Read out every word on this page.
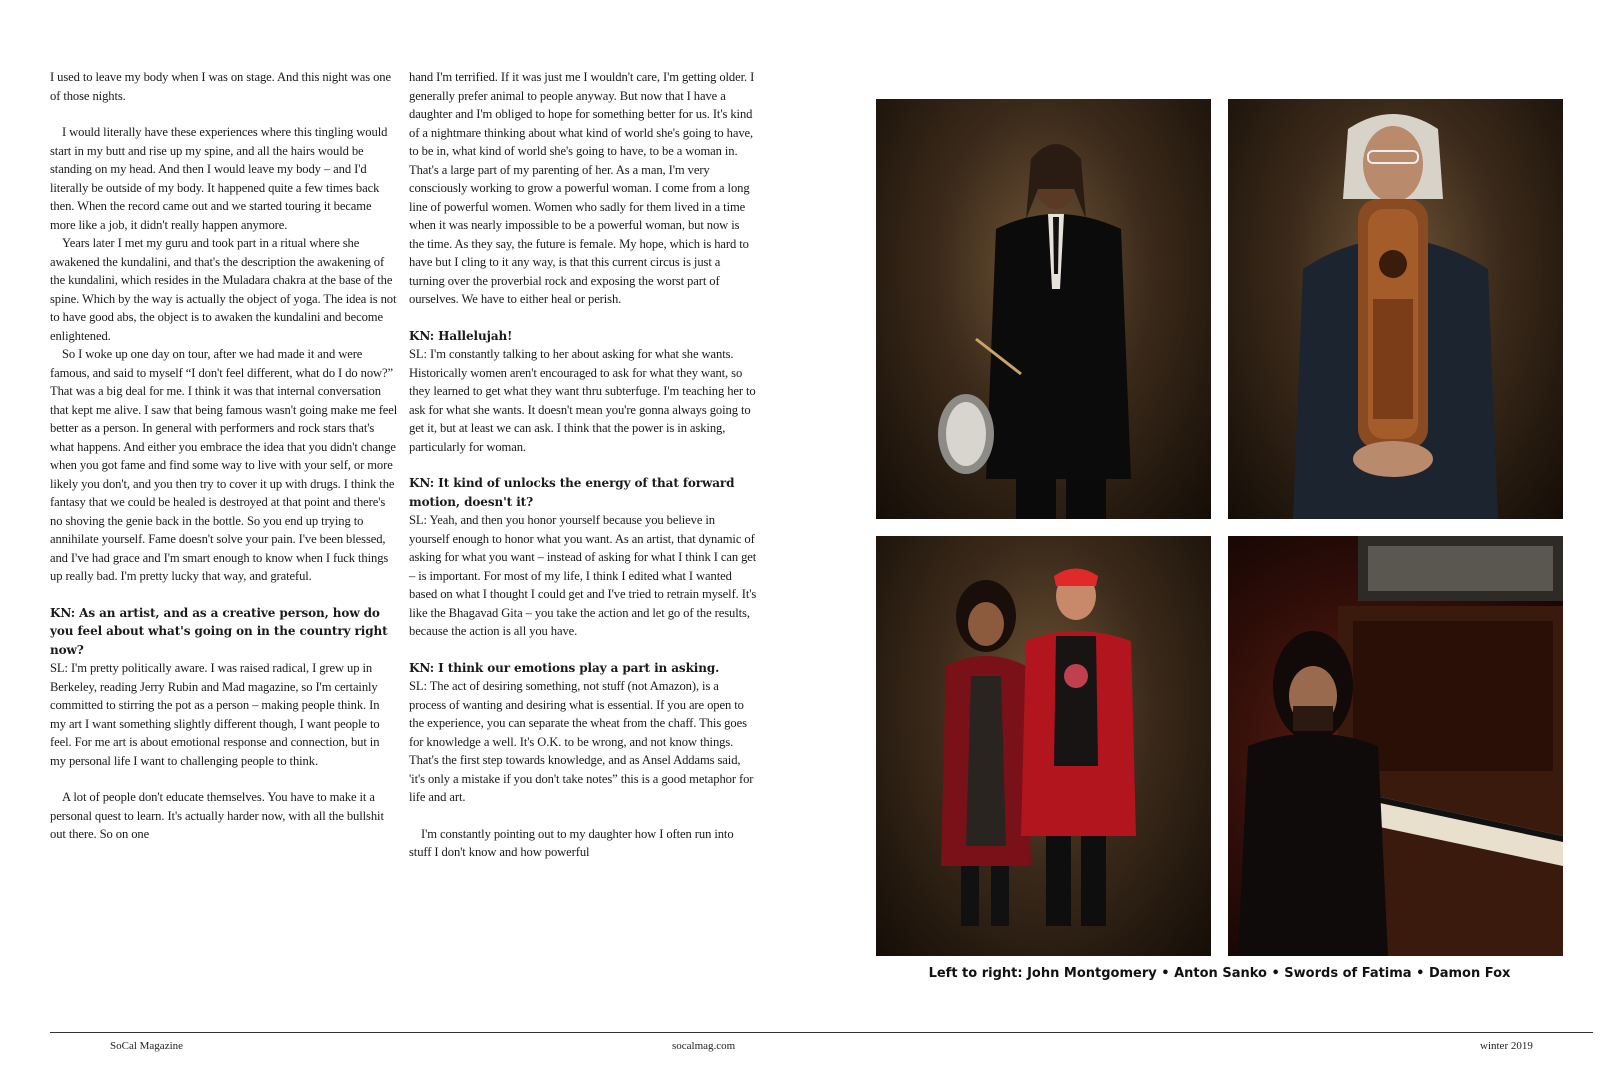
I used to leave my body when I was on stage. And this night was one of those nights.

I would literally have these experiences where this tingling would start in my butt and rise up my spine, and all the hairs would be standing on my head. And then I would leave my body – and I'd literally be outside of my body. It happened quite a few times back then. When the record came out and we started touring it became more like a job, it didn't really happen anymore.

Years later I met my guru and took part in a ritual where she awakened the kundalini, and that's the description the awakening of the kundalini, which resides in the Muladara chakra at the base of the spine. Which by the way is actually the object of yoga. The idea is not to have good abs, the object is to awaken the kundalini and become enlightened.

So I woke up one day on tour, after we had made it and were famous, and said to myself “I don't feel different, what do I do now?” That was a big deal for me. I think it was that internal conversation that kept me alive. I saw that being famous wasn't going make me feel better as a person. In general with performers and rock stars that's what happens. And either you embrace the idea that you didn't change when you got fame and find some way to live with your self, or more likely you don't, and you then try to cover it up with drugs. I think the fantasy that we could be healed is destroyed at that point and there's no shoving the genie back in the bottle. So you end up trying to annihilate yourself. Fame doesn't solve your pain. I've been blessed, and I've had grace and I'm smart enough to know when I fuck things up really bad. I'm pretty lucky that way, and grateful.

KN: As an artist, and as a creative person, how do you feel about what's going on in the country right now?

SL: I'm pretty politically aware. I was raised radical, I grew up in Berkeley, reading Jerry Rubin and Mad magazine, so I'm certainly committed to stirring the pot as a person – making people think. In my art I want something slightly different though, I want people to feel. For me art is about emotional response and connection, but in my personal life I want to challenging people to think.

A lot of people don't educate themselves. You have to make it a personal quest to learn. It's actually harder now, with all the bullshit out there. So on one

hand I'm terrified. If it was just me I wouldn't care, I'm getting older. I generally prefer animal to people anyway. But now that I have a daughter and I'm obliged to hope for something better for us. It's kind of a nightmare thinking about what kind of world she's going to have, to be in, what kind of world she's going to have, to be a woman in. That's a large part of my parenting of her. As a man, I'm very consciously working to grow a powerful woman. I come from a long line of powerful women. Women who sadly for them lived in a time when it was nearly impossible to be a powerful woman, but now is the time. As they say, the future is female. My hope, which is hard to have but I cling to it any way, is that this current circus is just a turning over the proverbial rock and exposing the worst part of ourselves. We have to either heal or perish.

KN: Hallelujah!

SL: I'm constantly talking to her about asking for what she wants. Historically women aren't encouraged to ask for what they want, so they learned to get what they want thru subterfuge. I'm teaching her to ask for what she wants. It doesn't mean you're gonna always going to get it, but at least we can ask. I think that the power is in asking, particularly for woman.

KN: It kind of unlocks the energy of that forward motion, doesn't it?

SL: Yeah, and then you honor yourself because you believe in yourself enough to honor what you want. As an artist, that dynamic of asking for what you want – instead of asking for what I think I can get – is important. For most of my life, I think I edited what I wanted based on what I thought I could get and I've tried to retrain myself. It's like the Bhagavad Gita – you take the action and let go of the results, because the action is all you have.

KN: I think our emotions play a part in asking.

SL: The act of desiring something, not stuff (not Amazon), is a process of wanting and desiring what is essential. If you are open to the experience, you can separate the wheat from the chaff. This goes for knowledge a well. It's O.K. to be wrong, and not know things. That's the first step towards knowledge, and as Ansel Addams said, 'it's only a mistake if you don't take notes” this is a good metaphor for life and art.

I'm constantly pointing out to my daughter how I often run into stuff I don't know and how powerful

Left to right: John Montgomery • Anton Sanko • Swords of Fatima • Damon Fox
SoCal Magazine	socalmag.com	winter 2019
